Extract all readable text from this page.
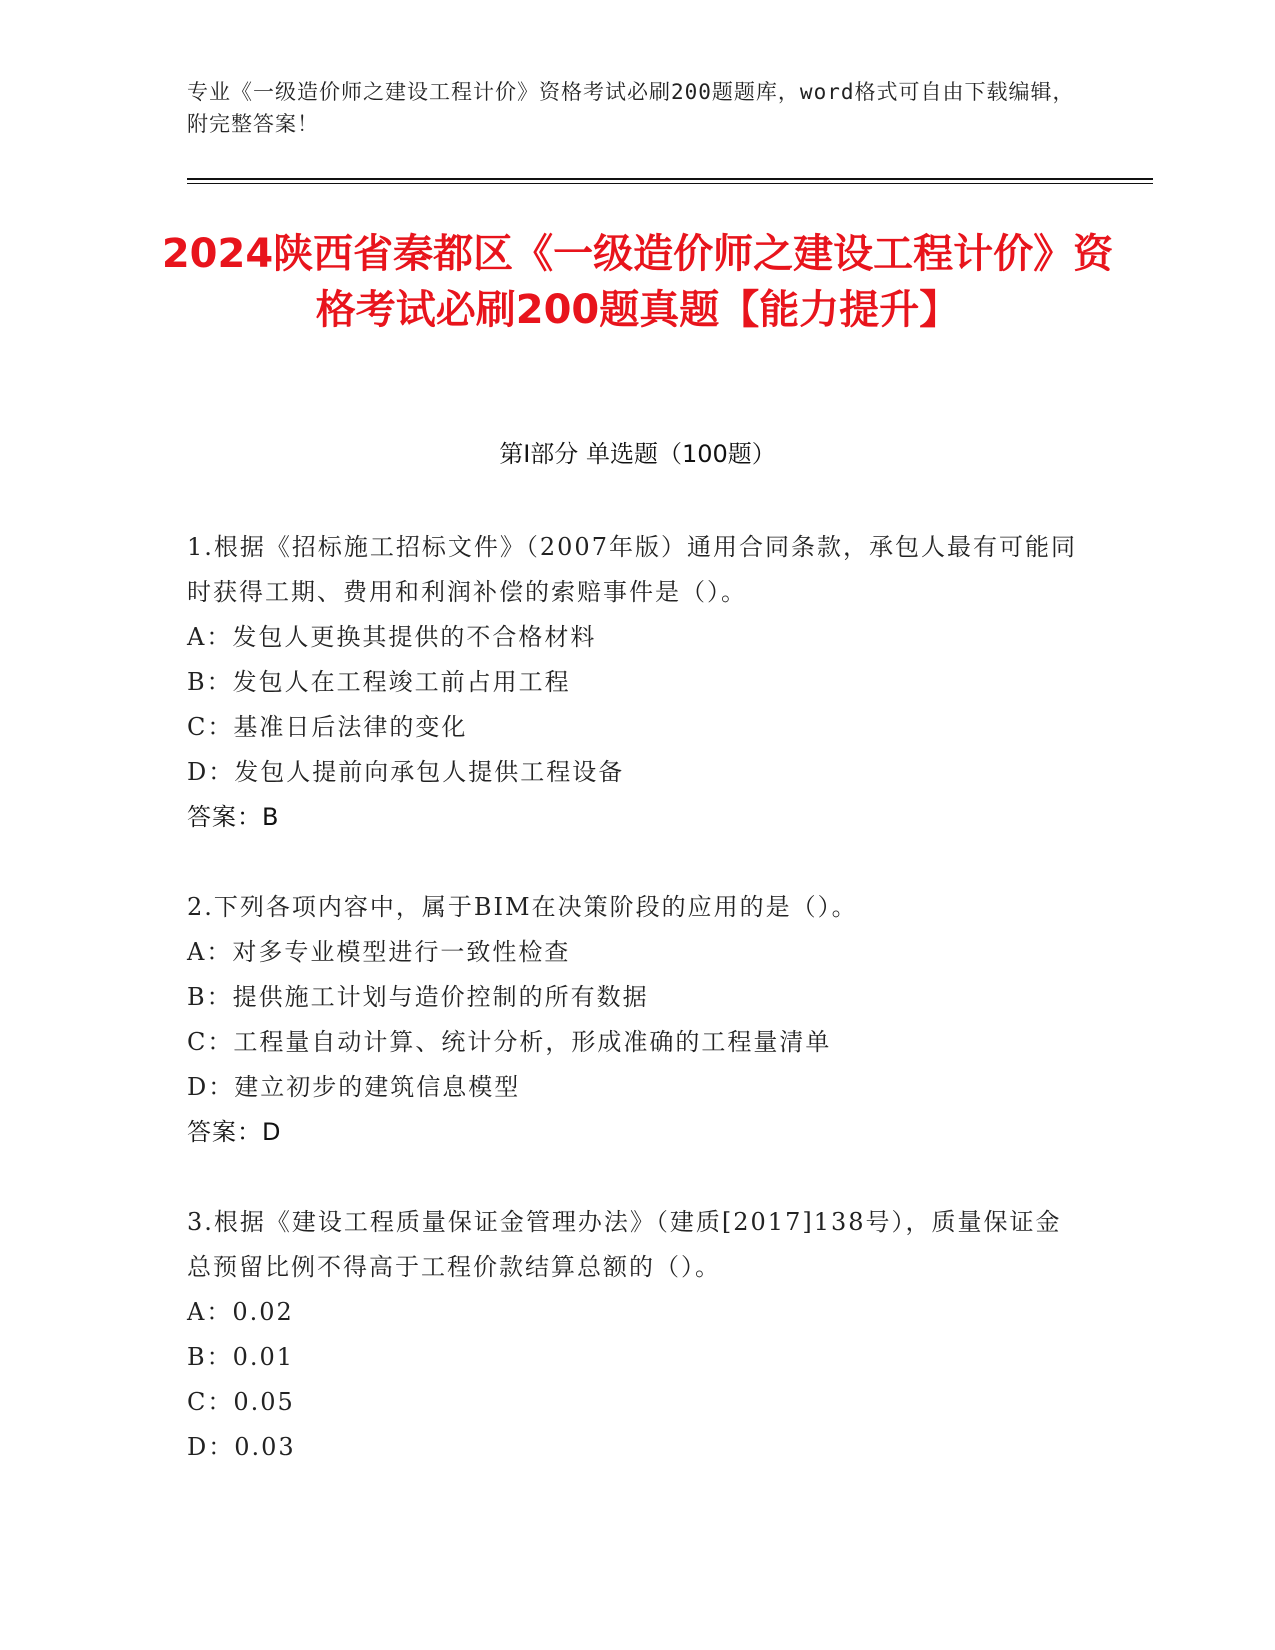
专业《一级造价师之建设工程计价》资格考试必刷200题题库，word格式可自由下载编辑，附完整答案！
2024陕西省秦都区《一级造价师之建设工程计价》资格考试必刷200题真题【能力提升】
第I部分 单选题（100题）

1.根据《招标施工招标文件》（2007年版）通用合同条款，承包人最有可能同时获得工期、费用和利润补偿的索赔事件是（）。

A：发包人更换其提供的不合格材料

B：发包人在工程竣工前占用工程

C：基准日后法律的变化

D：发包人提前向承包人提供工程设备

答案：B

2.下列各项内容中，属于BIM在决策阶段的应用的是（）。

A：对多专业模型进行一致性检查

B：提供施工计划与造价控制的所有数据

C：工程量自动计算、统计分析，形成准确的工程量清单

D：建立初步的建筑信息模型

答案：D

3.根据《建设工程质量保证金管理办法》（建质[2017]138号），质量保证金总预留比例不得高于工程价款结算总额的（）。

A：0.02

B：0.01

C：0.05

D：0.03
